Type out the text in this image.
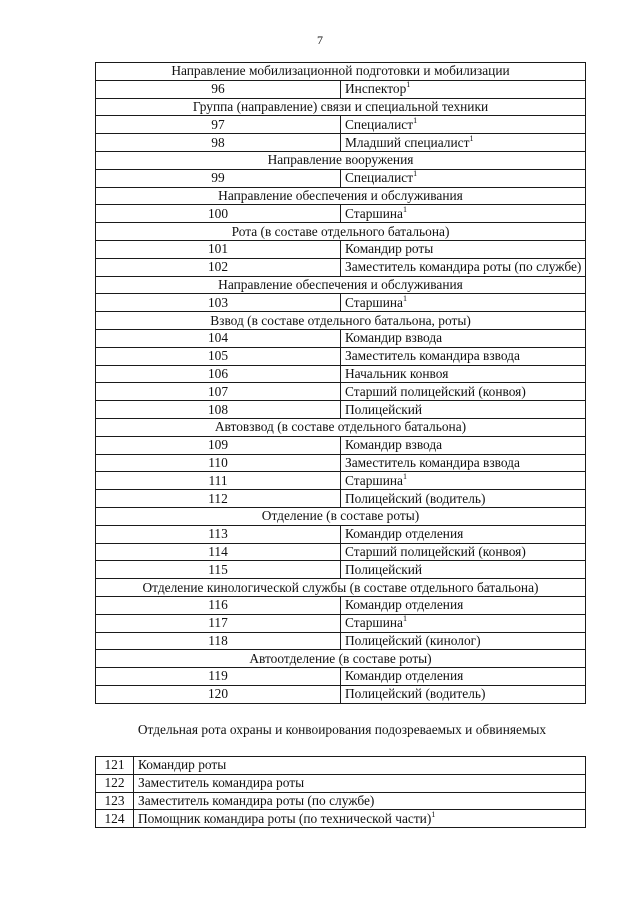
7
Направление мобилизационной подготовки и мобилизации	
96	Инспектор$^1$
Группа (направление) связи и специальной техники	
97	Специалист$^1$
98	Младший специалист$^1$
Направление вооружения	
99	Специалист$^1$
Направление обеспечения и обслуживания	
100	Старшина$^1$
Рота (в составе отдельного батальона)	
101	Командир роты
102	Заместитель командира роты (по службе)
Направление обеспечения и обслуживания	
103	Старшина$^1$
Взвод (в составе отдельного батальона, роты)	
104	Командир взвода
105	Заместитель командира взвода
106	Начальник конвоя
107	Старший полицейский (конвоя)
108	Полицейский
Автовзвод (в составе отдельного батальона)	
109	Командир взвода
110	Заместитель командира взвода
111	Старшина$^1$
112	Полицейский (водитель)
Отделение (в составе роты)	
113	Командир отделения
114	Старший полицейский (конвоя)
115	Полицейский
Отделение кинологической службы (в составе отдельного батальона)	
116	Командир отделения
117	Старшина$^1$
118	Полицейский (кинолог)
Автоотделение (в составе роты)	
119	Командир отделения
120	Полицейский (водитель)
Отдельная рота охраны и конвоирования подозреваемых и обвиняемых
121	Командир роты
122	Заместитель командира роты
123	Заместитель командира роты (по службе)
124	Помощник командира роты (по технической части)$^1$
